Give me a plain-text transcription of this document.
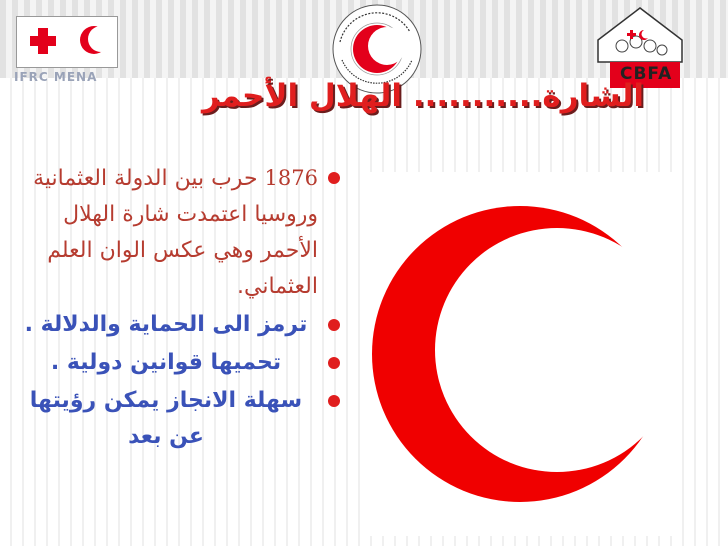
IFRC MENA	CBFA
الشارة........... الهلال الأحمر

1876 حرب بين الدولة العثمانية وروسيا اعتمدت شارة الهلال الأحمر وهي عكس الوان العلم العثماني.

ترمز الى الحماية والدلالة .

تحميها قوانين دولية .

سهلة الانجاز يمكن رؤيتها عن بعد
